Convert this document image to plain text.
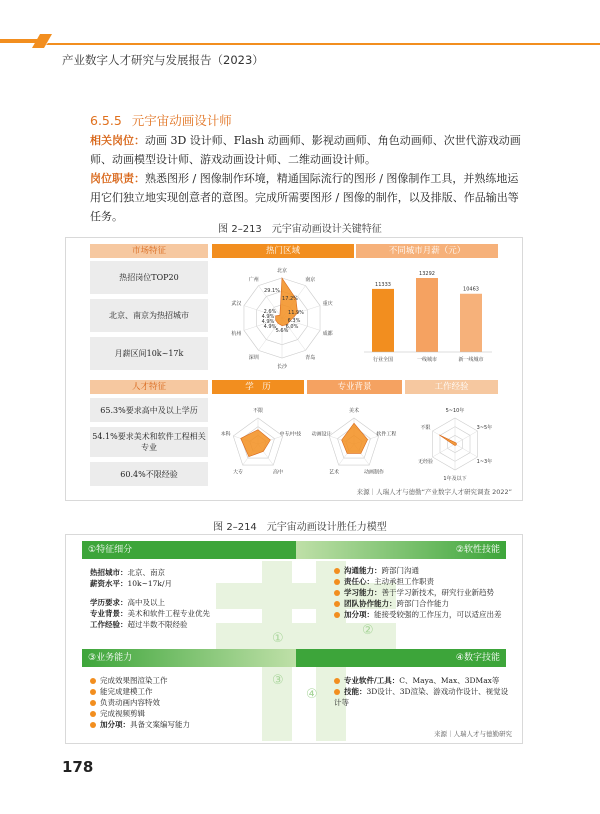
产业数字人才研究与发展报告（2023）
6.5.5 元宇宙动画设计师
相关岗位：动画 3D 设计师、Flash 动画师、影视动画师、角色动画师、次世代游戏动画师、动画模型设计师、游戏动画设计师、二维动画设计师。
岗位职责：熟悉图形 / 图像制作环境，精通国际流行的图形 / 图像制作工具，并熟练地运用它们独立地实现创意者的意图。完成所需要图形 / 图像的制作，以及排版、作品输出等任务。
图 2–213　元宇宙动画设计关键特征
市场特征
热招岗位TOP20
北京、南京为热招城市
月薪区间10k~17k
热门区域	不同城市月薪（元）
北京
南京
重庆
成都
青岛
长沙
深圳
杭州
武汉
广州
29.1%
17.2%
11.9%
6.3%
6.0%
5.6%
4.9%
4.9%
4.9%
2.6%
11333
行业全国
13292
一线城市
10463
新一线城市
人才特征	学　历	专业背景	工作经验
65.3%要求高中及以上学历
54.1%要求美术和软件工程相关专业
60.4%不限经验
不限
中专/中技
高中
大专
本科
美术
软件工程
动画制作
艺术
动画设计
5~10年
3~5年
1~3年
1年及以下
无经验
不限
来源｜人瑞人才与德勤“产业数字人才研究调查 2022”
图 2–214　元宇宙动画设计胜任力模型
①特征细分	②软性技能
③业务能力	④数字技能
热招城市：北京、南京
薪资水平：10k~17k/月
学历要求：高中及以上
专业背景：美术和软件工程专业优先
工作经验：超过半数不限经验
沟通能力：跨部门沟通
责任心：主动承担工作职责
学习能力：善于学习新技术，研究行业新趋势
团队协作能力：跨部门合作能力
加分项：能接受较强的工作压力，可以适应出差
完成效果图渲染工作
能完成建模工作
负责动画内容特效
完成视频剪辑
加分项：具备文案编写能力
专业软件/工具：C、Maya、Max、3DMax等
技能：3D设计、3D渲染、游戏动作设计、视觉设计等
①
②
③
④
来源｜人瑞人才与德勤研究
178
